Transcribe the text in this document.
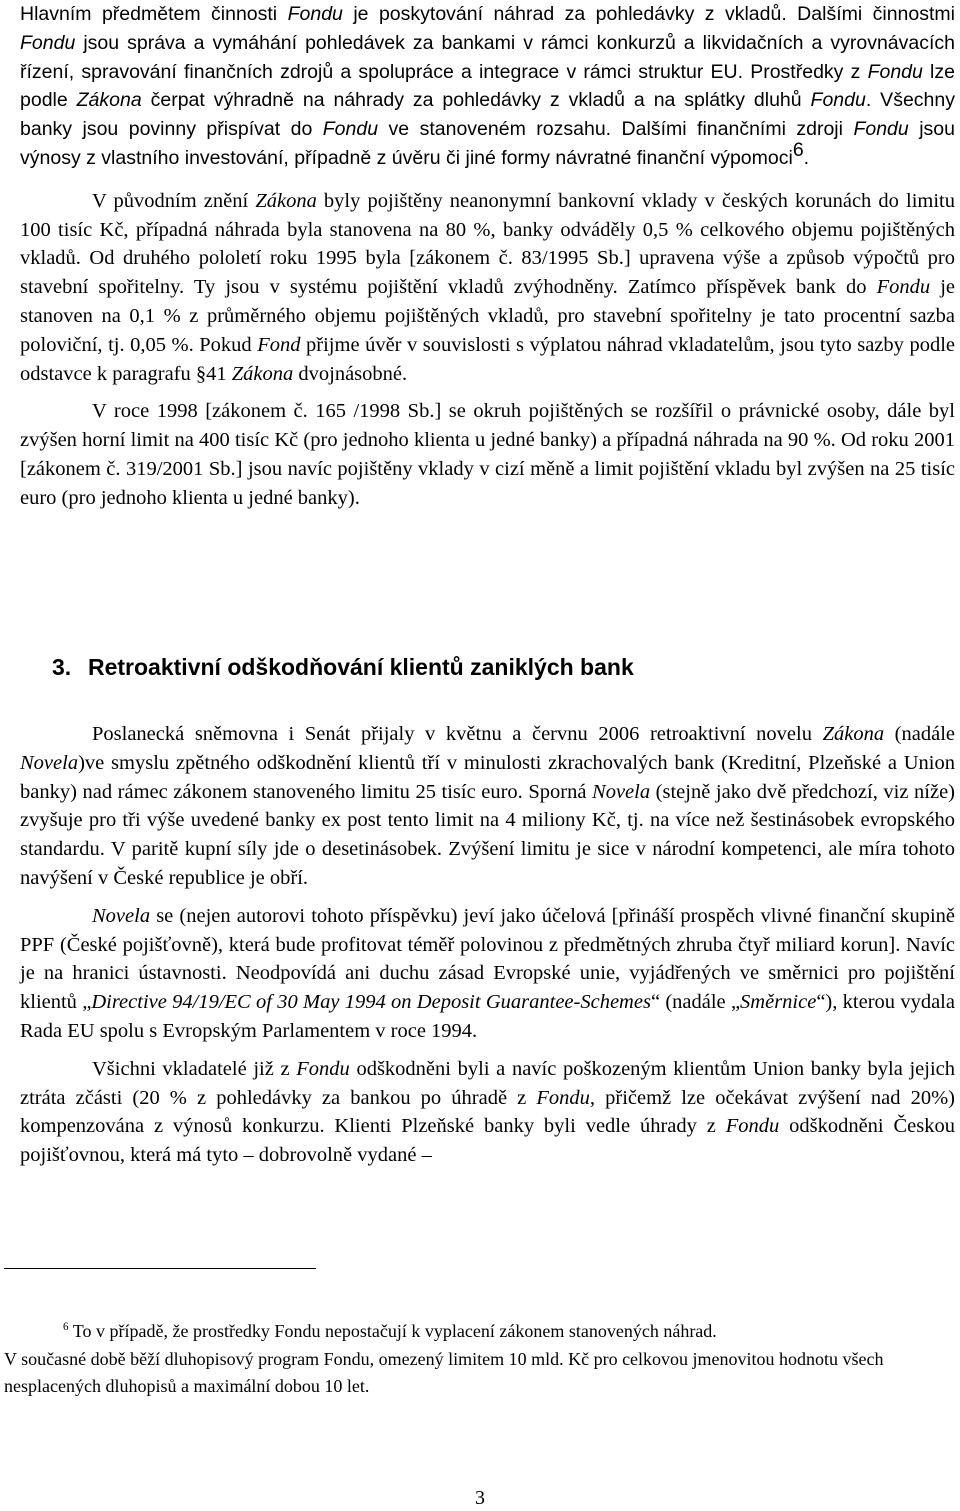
Hlavním předmětem činnosti Fondu je poskytování náhrad za pohledávky z vkladů. Dalšími činnostmi Fondu jsou správa a vymáhání pohledávek za bankami v rámci konkurzů a likvidačních a vyrovnávacích řízení, spravování finančních zdrojů a spolupráce a integrace v rámci struktur EU. Prostředky z Fondu lze podle Zákona čerpat výhradně na náhrady za pohledávky z vkladů a na splátky dluhů Fondu. Všechny banky jsou povinny přispívat do Fondu ve stanoveném rozsahu. Dalšími finančními zdroji Fondu jsou výnosy z vlastního investování, případně z úvěru či jiné formy návratné finanční výpomoci$^6$.

V původním znění Zákona byly pojištěny neanonymní bankovní vklady v českých korunách do limitu 100 tisíc Kč, případná náhrada byla stanovena na 80 %, banky odváděly 0,5 % celkového objemu pojištěných vkladů. Od druhého pololetí roku 1995 byla [zákonem č. 83/1995 Sb.] upravena výše a způsob výpočtů pro stavební spořitelny. Ty jsou v systému pojištění vkladů zvýhodněny. Zatímco příspěvek bank do Fondu je stanoven na 0,1 % z průměrného objemu pojištěných vkladů, pro stavební spořitelny je tato procentní sazba poloviční, tj. 0,05 %. Pokud Fond přijme úvěr v souvislosti s výplatou náhrad vkladatelům, jsou tyto sazby podle odstavce k paragrafu §41 Zákona dvojnásobné.

V roce 1998 [zákonem č. 165 /1998 Sb.] se okruh pojištěných se rozšířil o právnické osoby, dále byl zvýšen horní limit na 400 tisíc Kč (pro jednoho klienta u jedné banky) a případná náhrada na 90 %. Od roku 2001 [zákonem č. 319/2001 Sb.] jsou navíc pojištěny vklady v cizí měně a limit pojištění vkladu byl zvýšen na 25 tisíc euro (pro jednoho klienta u jedné banky).

3. Retroaktivní odškodňování klientů zaniklých bank

Poslanecká sněmovna i Senát přijaly v květnu a červnu 2006 retroaktivní novelu Zákona (nadále Novela)ve smyslu zpětného odškodnění klientů tří v minulosti zkrachovalých bank (Kreditní, Plzeňské a Union banky) nad rámec zákonem stanoveného limitu 25 tisíc euro. Sporná Novela (stejně jako dvě předchozí, viz níže) zvyšuje pro tři výše uvedené banky ex post tento limit na 4 miliony Kč, tj. na více než šestinásobek evropského standardu. V paritě kupní síly jde o desetinásobek. Zvýšení limitu je sice v národní kompetenci, ale míra tohoto navýšení v České republice je obří.

Novela se (nejen autorovi tohoto příspěvku) jeví jako účelová [přináší prospěch vlivné finanční skupině PPF (České pojišťovně), která bude profitovat téměř polovinou z předmětných zhruba čtyř miliard korun]. Navíc je na hranici ústavnosti. Neodpovídá ani duchu zásad Evropské unie, vyjádřených ve směrnici pro pojištění klientů „Directive 94/19/EC of 30 May 1994 on Deposit Guarantee-Schemes“ (nadále „Směrnice“), kterou vydala Rada EU spolu s Evropským Parlamentem v roce 1994.

Všichni vkladatelé již z Fondu odškodněni byli a navíc poškozeným klientům Union banky byla jejich ztráta zčásti (20 % z pohledávky za bankou po úhradě z Fondu, přičemž lze očekávat zvýšení nad 20%) kompenzována z výnosů konkurzu. Klienti Plzeňské banky byli vedle úhrady z Fondu odškodněni Českou pojišťovnou, která má tyto – dobrovolně vydané –

$^6$ To v případě, že prostředky Fondu nepostačují k vyplacení zákonem stanovených náhrad.
V současné době běží dluhopisový program Fondu, omezený limitem 10 mld. Kč pro celkovou jmenovitou hodnotu všech nesplacených dluhopisů a maximální dobou 10 let.

3
